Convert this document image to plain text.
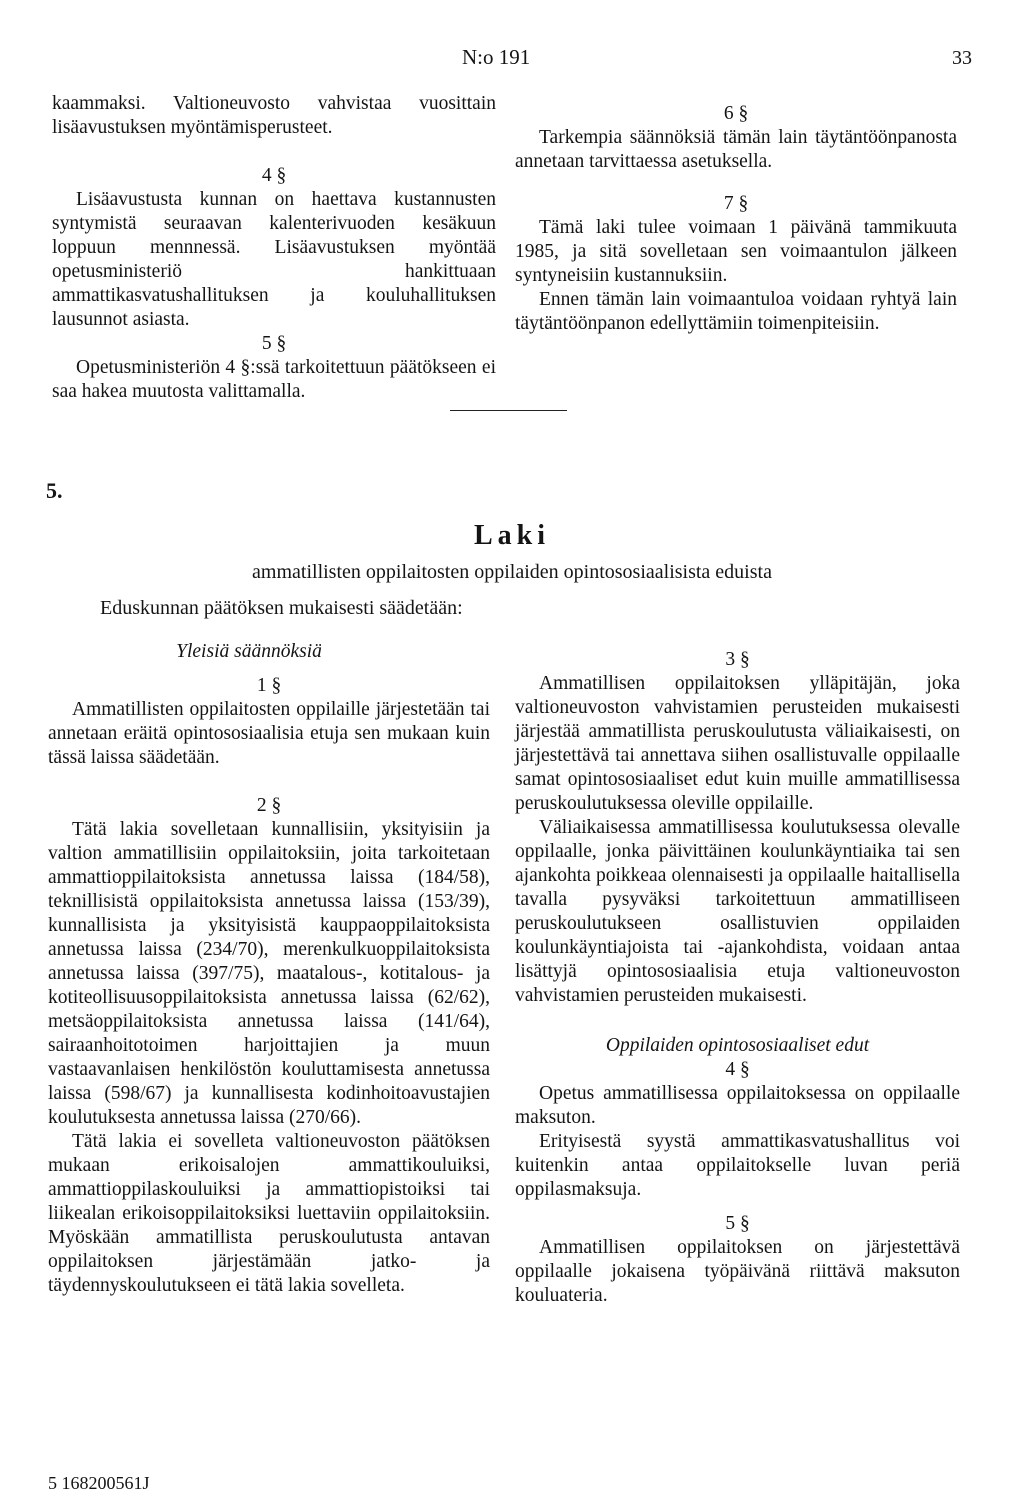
N:o 191	33

kaammaksi. Valtioneuvosto vahvistaa vuosittain lisäavustuksen myöntämisperusteet.

4 §

Lisäavustusta kunnan on haettava kustannusten syntymistä seuraavan kalenterivuoden kesäkuun loppuun mennnessä. Lisäavustuksen myöntää opetusministeriö hankittuaan ammattikasvatushallituksen ja kouluhallituksen lausunnot asiasta.

5 §

Opetusministeriön 4 §:ssä tarkoitettuun päätökseen ei saa hakea muutosta valittamalla.

6 §

Tarkempia säännöksiä tämän lain täytäntöönpanosta annetaan tarvittaessa asetuksella.

7 §

Tämä laki tulee voimaan 1 päivänä tammikuuta 1985, ja sitä sovelletaan sen voimaantulon jälkeen syntyneisiin kustannuksiin.

Ennen tämän lain voimaantuloa voidaan ryhtyä lain täytäntöönpanon edellyttämiin toimenpiteisiin.

5.
Laki
ammatillisten oppilaitosten oppilaiden opintososiaalisista eduista
Eduskunnan päätöksen mukaisesti säädetään:

Yleisiä säännöksiä

1 §

Ammatillisten oppilaitosten oppilaille järjestetään tai annetaan eräitä opintososiaalisia etuja sen mukaan kuin tässä laissa säädetään.

2 §

Tätä lakia sovelletaan kunnallisiin, yksityisiin ja valtion ammatillisiin oppilaitoksiin, joita tarkoitetaan ammattioppilaitoksista annetussa laissa (184/58), teknillisistä oppilaitoksista annetussa laissa (153/39), kunnallisista ja yksityisistä kauppaoppilaitoksista annetussa laissa (234/70), merenkulkuoppilaitoksista annetussa laissa (397/75), maatalous-, kotitalous- ja kotiteollisuusoppilaitoksista annetussa laissa (62/62), metsäoppilaitoksista annetussa laissa (141/64), sairaanhoitotoimen harjoittajien ja muun vastaavanlaisen henkilöstön kouluttamisesta annetussa laissa (598/67) ja kunnallisesta kodinhoitoavustajien koulutuksesta annetussa laissa (270/66).

Tätä lakia ei sovelleta valtioneuvoston päätöksen mukaan erikoisalojen ammattikouluiksi, ammattioppilaskouluiksi ja ammattiopistoiksi tai liikealan erikoisoppilaitoksiksi luettaviin oppilaitoksiin. Myöskään ammatillista peruskoulutusta antavan oppilaitoksen järjestämään jatko- ja täydennyskoulutukseen ei tätä lakia sovelleta.

3 §

Ammatillisen oppilaitoksen ylläpitäjän, joka valtioneuvoston vahvistamien perusteiden mukaisesti järjestää ammatillista peruskoulutusta väliaikaisesti, on järjestettävä tai annettava siihen osallistuvalle oppilaalle samat opintososiaaliset edut kuin muille ammatillisessa peruskoulutuksessa oleville oppilaille.

Väliaikaisessa ammatillisessa koulutuksessa olevalle oppilaalle, jonka päivittäinen koulunkäyntiaika tai sen ajankohta poikkeaa olennaisesti ja oppilaalle haitallisella tavalla pysyväksi tarkoitettuun ammatilliseen peruskoulutukseen osallistuvien oppilaiden koulunkäyntiajoista tai -ajankohdista, voidaan antaa lisättyjä opintososiaalisia etuja valtioneuvoston vahvistamien perusteiden mukaisesti.

Oppilaiden opintososiaaliset edut

4 §

Opetus ammatillisessa oppilaitoksessa on oppilaalle maksuton.

Erityisestä syystä ammattikasvatushallitus voi kuitenkin antaa oppilaitokselle luvan periä oppilasmaksuja.

5 §

Ammatillisen oppilaitoksen on järjestettävä oppilaalle jokaisena työpäivänä riittävä maksuton kouluateria.

5 168200561J
